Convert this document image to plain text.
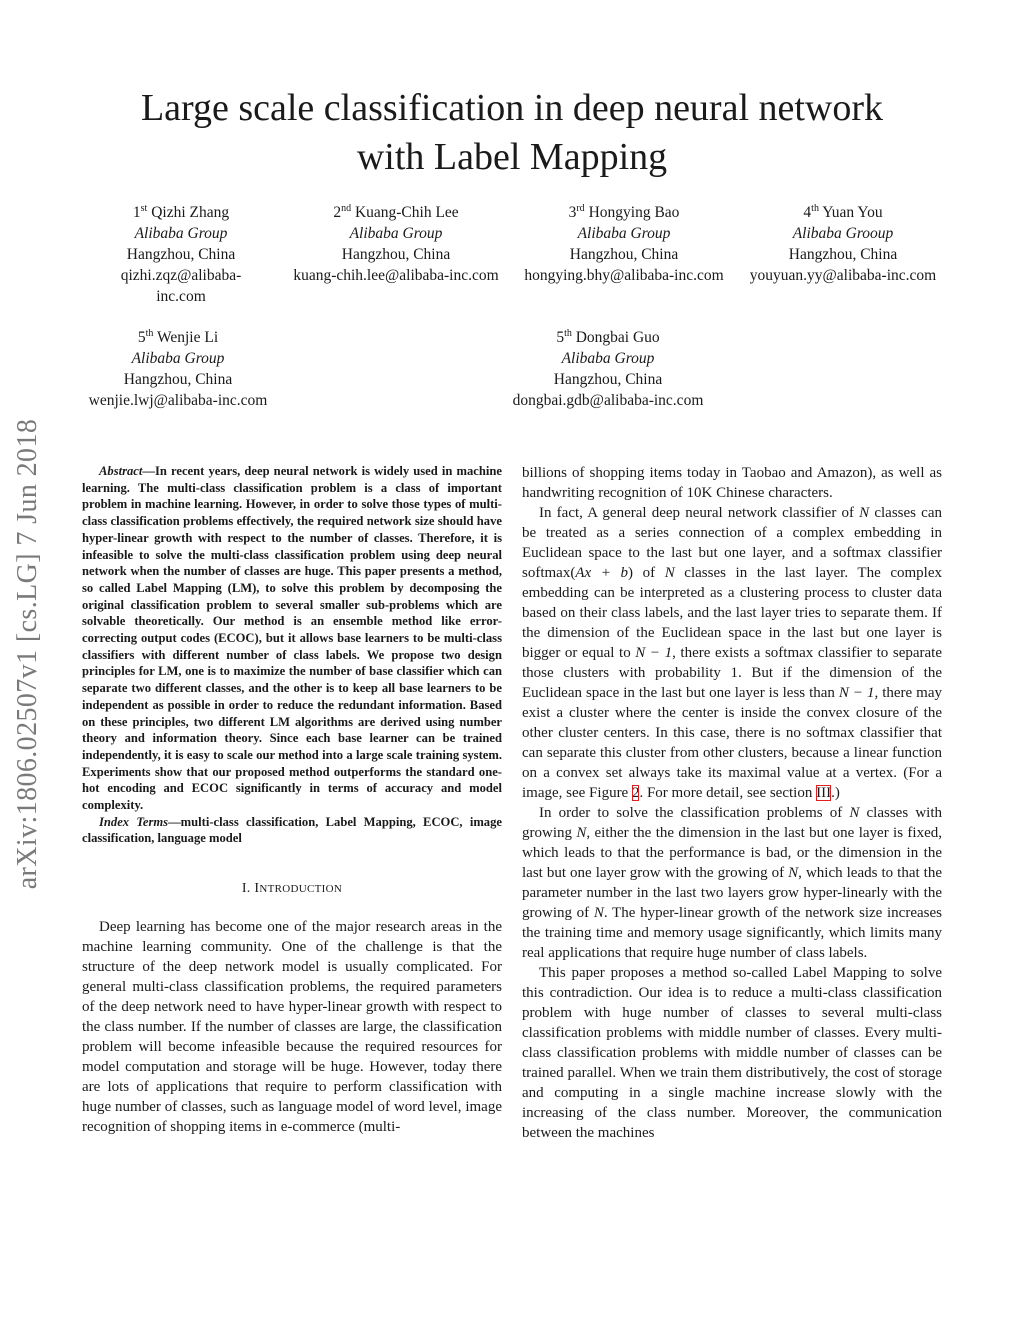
Large scale classification in deep neural network
with Label Mapping
1st Qizhi Zhang
Alibaba Group
Hangzhou, China
qizhi.zqz@alibaba-inc.com
2nd Kuang-Chih Lee
Alibaba Group
Hangzhou, China
kuang-chih.lee@alibaba-inc.com
3rd Hongying Bao
Alibaba Group
Hangzhou, China
hongying.bhy@alibaba-inc.com
4th Yuan You
Alibaba Grooup
Hangzhou, China
youyuan.yy@alibaba-inc.com
5th Wenjie Li
Alibaba Group
Hangzhou, China
wenjie.lwj@alibaba-inc.com
5th Dongbai Guo
Alibaba Group
Hangzhou, China
dongbai.gdb@alibaba-inc.com
arXiv:1806.02507v1 [cs.LG] 7 Jun 2018	Abstract—In recent years, deep neural network is widely used in machine learning. The multi-class classification problem is a class of important problem in machine learning. However, in order to solve those types of multi-class classification problems effectively, the required network size should have hyper-linear growth with respect to the number of classes. Therefore, it is infeasible to solve the multi-class classification problem using deep neural network when the number of classes are huge. This paper presents a method, so called Label Mapping (LM), to solve this problem by decomposing the original classification problem to several smaller sub-problems which are solvable theoretically. Our method is an ensemble method like error-correcting output codes (ECOC), but it allows base learners to be multi-class classifiers with different number of class labels. We propose two design principles for LM, one is to maximize the number of base classifier which can separate two different classes, and the other is to keep all base learners to be independent as possible in order to reduce the redundant information. Based on these principles, two different LM algorithms are derived using number theory and information theory. Since each base learner can be trained independently, it is easy to scale our method into a large scale training system. Experiments show that our proposed method outperforms the standard one-hot encoding and ECOC significantly in terms of accuracy and model complexity.

Index Terms—multi-class classification, Label Mapping, ECOC, image classification, language model

I. INTRODUCTION

Deep learning has become one of the major research areas in the machine learning community. One of the challenge is that the structure of the deep network model is usually complicated. For general multi-class classification problems, the required parameters of the deep network need to have hyper-linear growth with respect to the class number. If the number of classes are large, the classification problem will become infeasible because the required resources for model computation and storage will be huge. However, today there are lots of applications that require to perform classification with huge number of classes, such as language model of word level, image recognition of shopping items in e-commerce (multi-

billions of shopping items today in Taobao and Amazon), as well as handwriting recognition of 10K Chinese characters.

In fact, A general deep neural network classifier of N classes can be treated as a series connection of a complex embedding in Euclidean space to the last but one layer, and a softmax classifier softmax(Ax + b) of N classes in the last layer. The complex embedding can be interpreted as a clustering process to cluster data based on their class labels, and the last layer tries to separate them. If the dimension of the Euclidean space in the last but one layer is bigger or equal to N − 1, there exists a softmax classifier to separate those clusters with probability 1. But if the dimension of the Euclidean space in the last but one layer is less than N − 1, there may exist a cluster where the center is inside the convex closure of the other cluster centers. In this case, there is no softmax classifier that can separate this cluster from other clusters, because a linear function on a convex set always take its maximal value at a vertex. (For a image, see Figure 2. For more detail, see section III.)

In order to solve the classification problems of N classes with growing N, either the the dimension in the last but one layer is fixed, which leads to that the performance is bad, or the dimension in the last but one layer grow with the growing of N, which leads to that the parameter number in the last two layers grow hyper-linearly with the growing of N. The hyper-linear growth of the network size increases the training time and memory usage significantly, which limits many real applications that require huge number of class labels.

This paper proposes a method so-called Label Mapping to solve this contradiction. Our idea is to reduce a multi-class classification problem with huge number of classes to several multi-class classification problems with middle number of classes. Every multi-class classification problems with middle number of classes can be trained parallel. When we train them distributively, the cost of storage and computing in a single machine increase slowly with the increasing of the class number. Moreover, the communication between the machines
